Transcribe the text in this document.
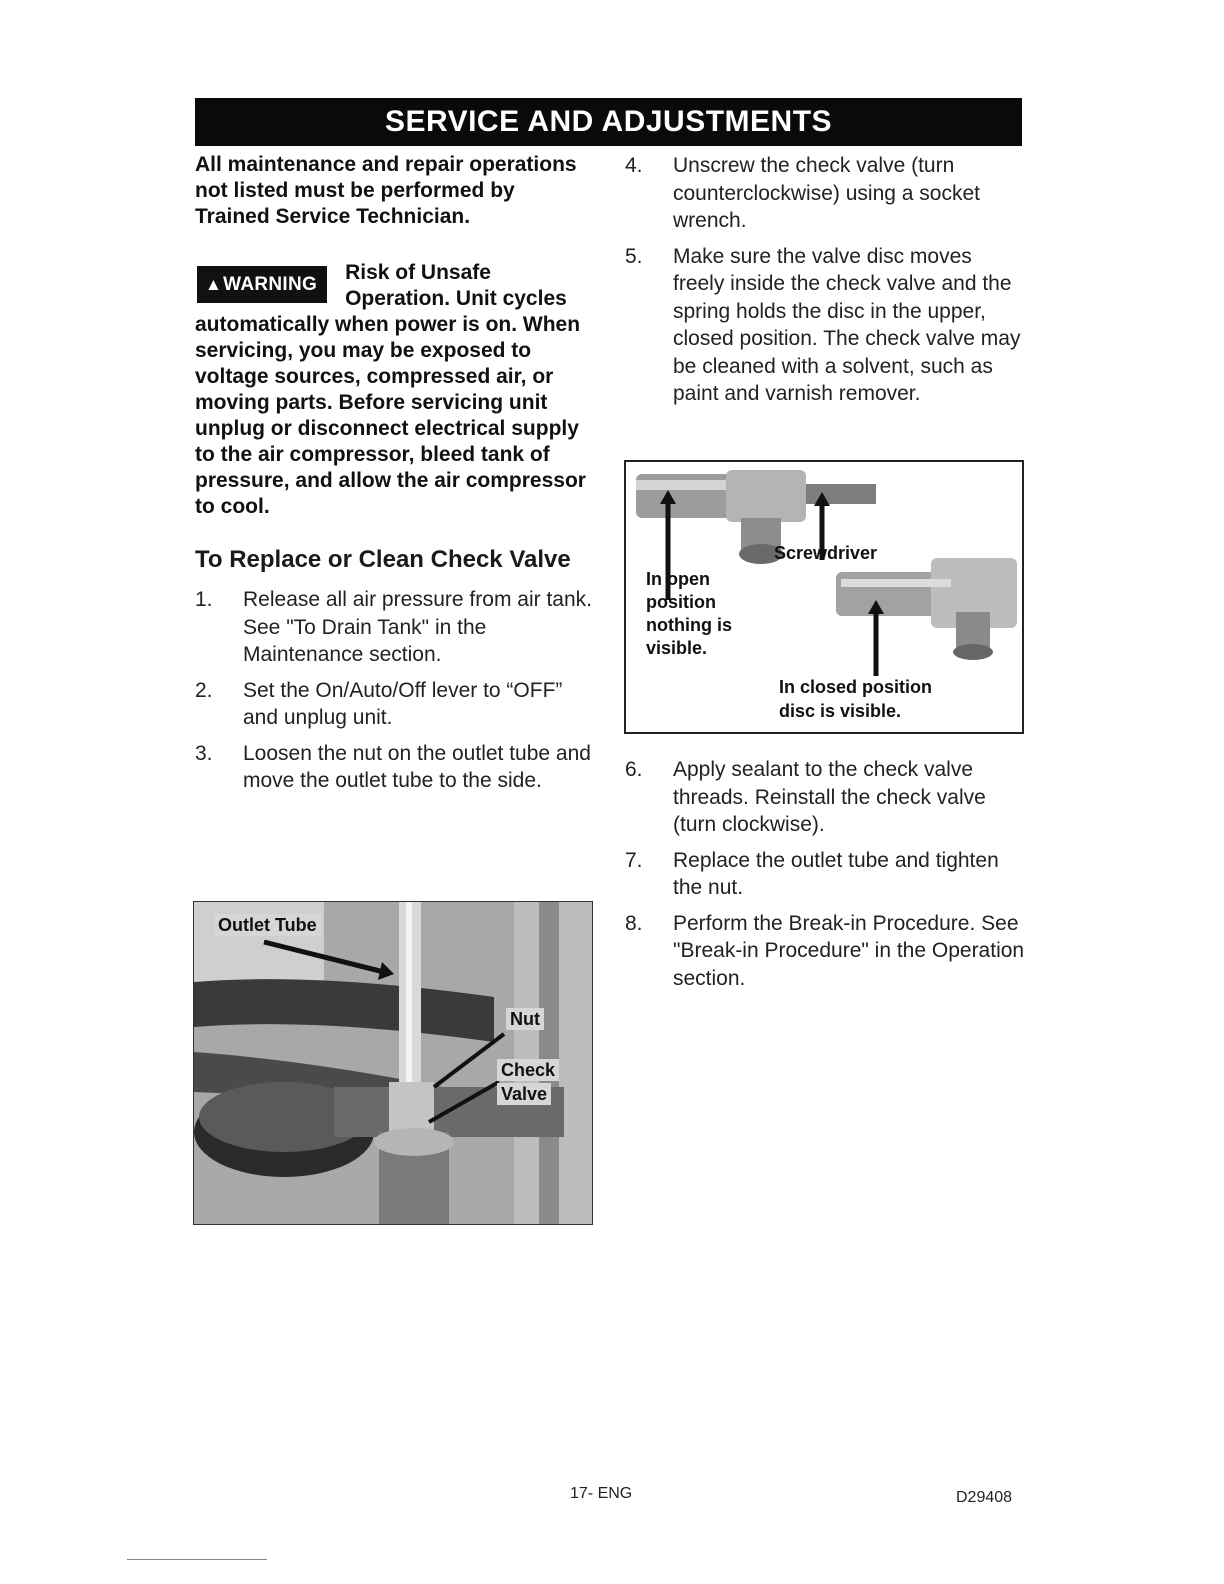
SERVICE AND ADJUSTMENTS

All maintenance and repair operations not listed must be performed by Trained Service Technician.

▲WARNING
Risk of Unsafe Operation. Unit cycles automatically when power is on. When servicing, you may be exposed to voltage sources, compressed air, or moving parts. Before servicing unit unplug or disconnect electrical supply to the air compressor, bleed tank of pressure, and allow the air compressor to cool.
To Replace or Clean Check Valve
1. Release all air pressure from air tank. See "To Drain Tank" in the Maintenance section.
2. Set the On/Auto/Off lever to “OFF” and unplug unit.
3. Loosen the nut on the outlet tube and move the outlet tube to the side.
Outlet Tube
Nut
Check
Valve
4. Unscrew the check valve (turn counterclockwise) using a socket wrench.
5. Make sure the valve disc moves freely inside the check valve and the spring holds the disc in the upper, closed position. The check valve may be cleaned with a solvent, such as paint and varnish remover.
Screwdriver
In open
position
nothing is
visible.
In closed position
disc is visible.
6. Apply sealant to the check valve threads. Reinstall the check valve (turn clockwise).
7. Replace the outlet tube and tighten the nut.
8. Perform the Break-in Procedure. See "Break-in Procedure" in the Operation section.
17- ENG	D29408
